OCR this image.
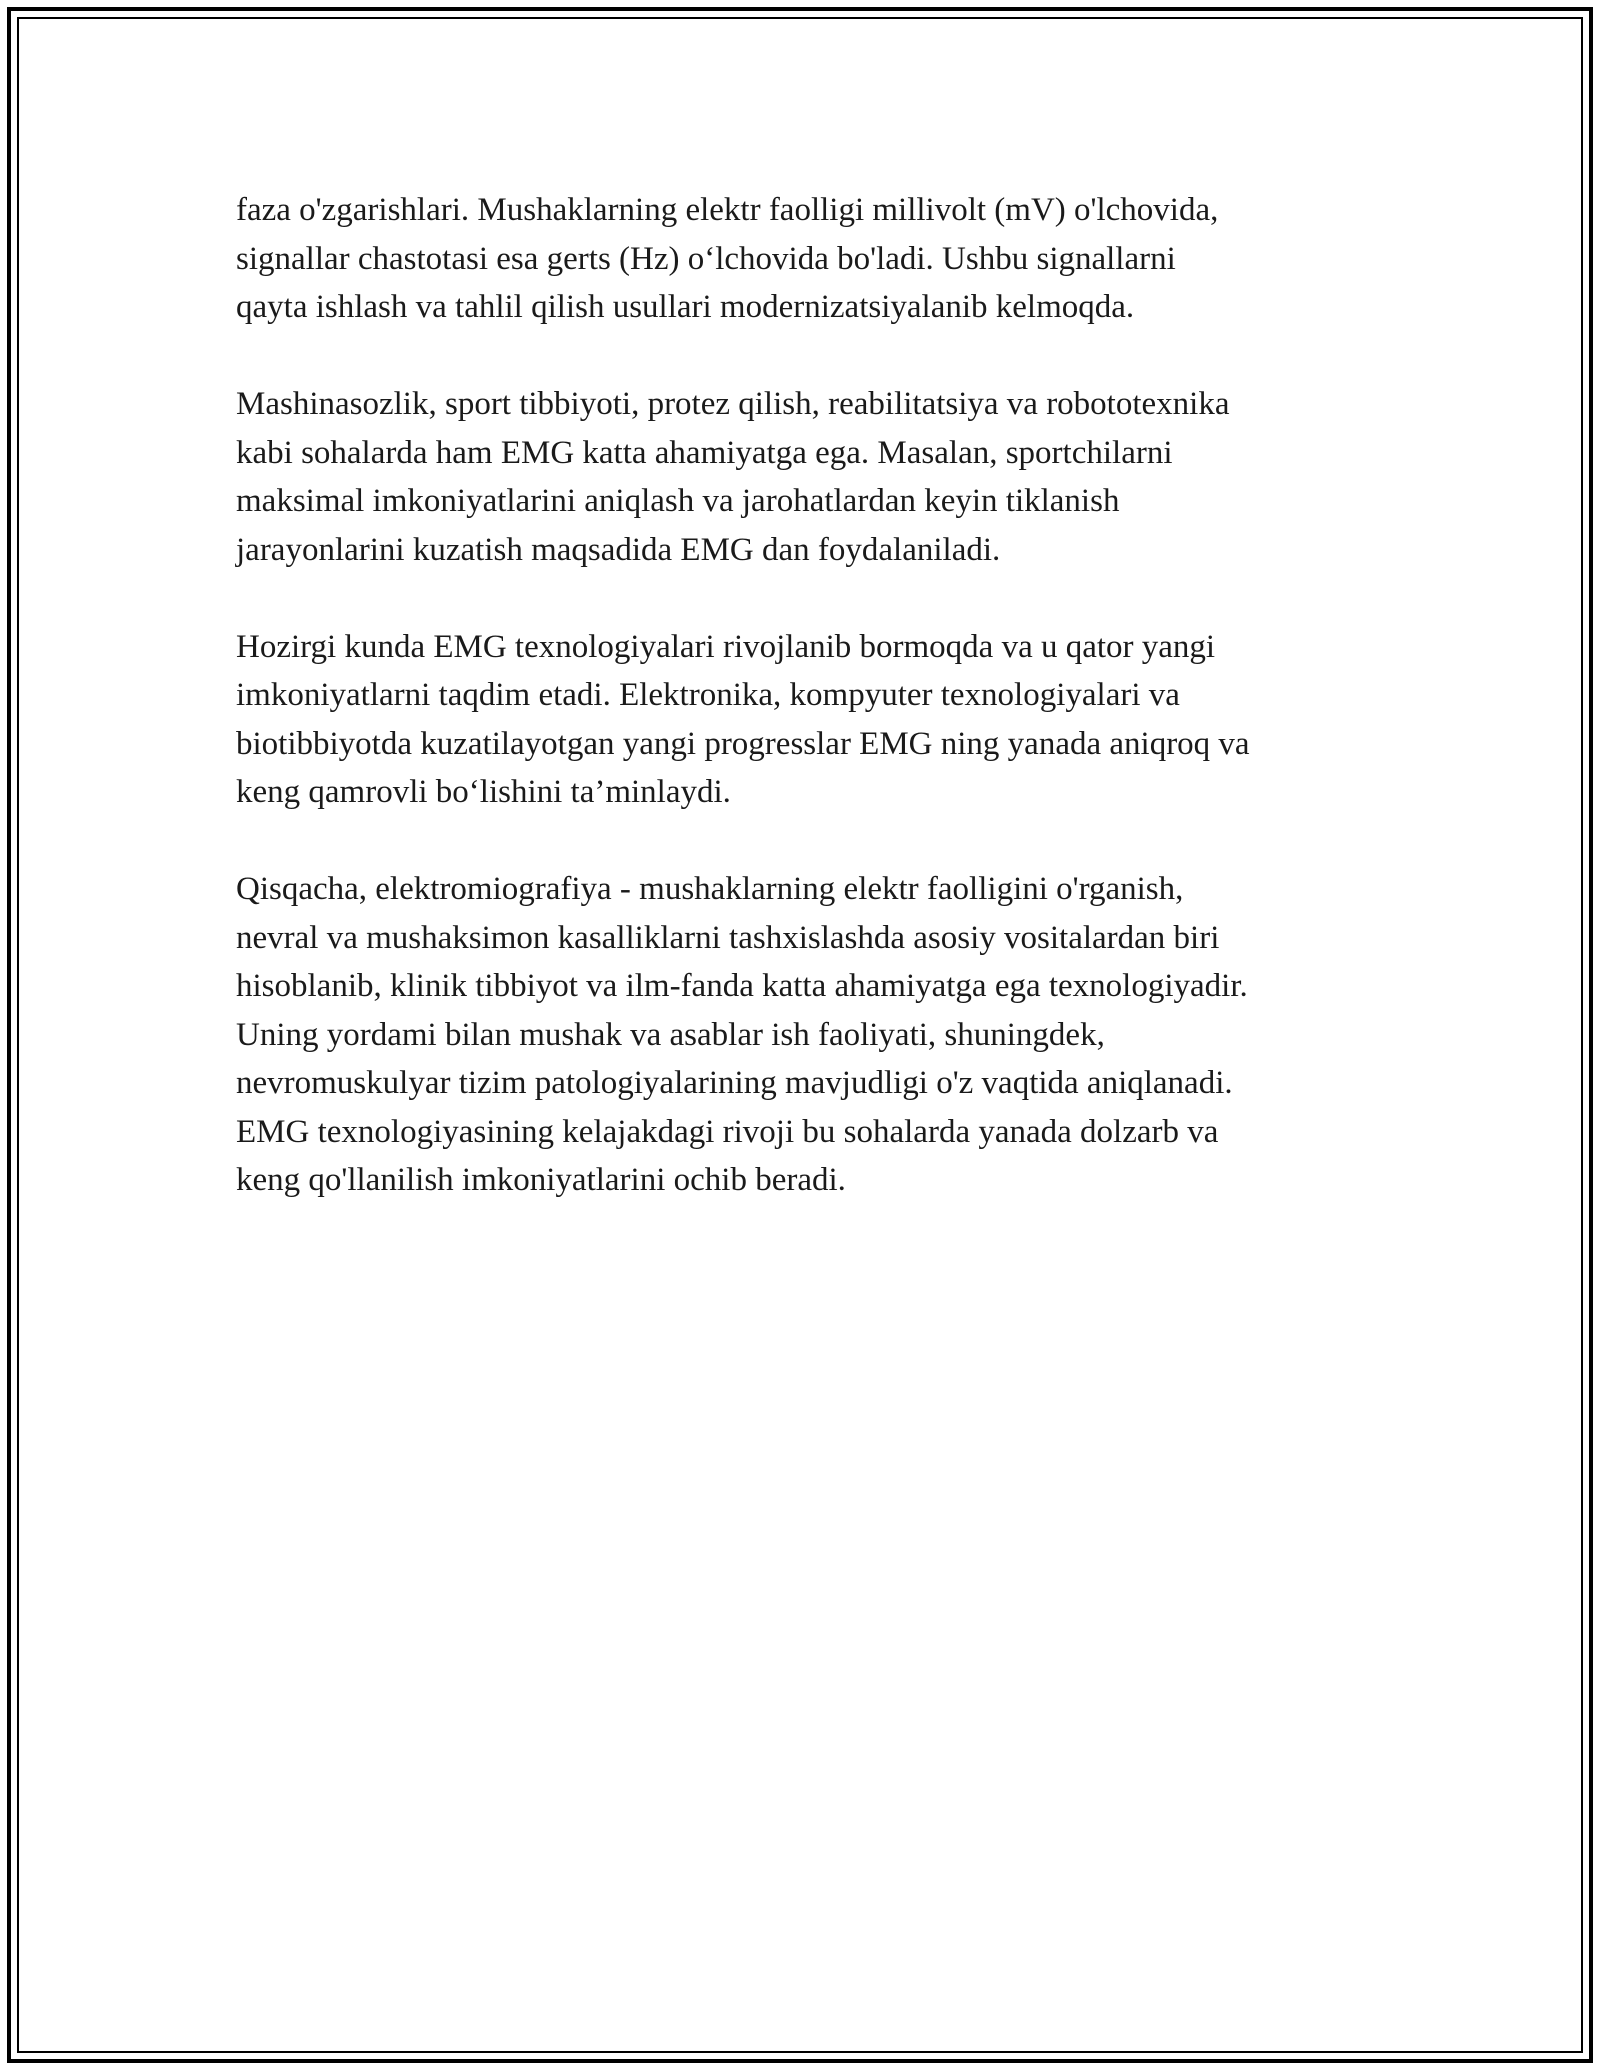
faza o'zgarishlari. Mushaklarning elektr faolligi millivolt (mV) o'lchovida,
signallar chastotasi esa gerts (Hz) o‘lchovida bo'ladi. Ushbu signallarni
qayta ishlash va tahlil qilish usullari modernizatsiyalanib kelmoqda.

Mashinasozlik, sport tibbiyoti, protez qilish, reabilitatsiya va robototexnika
kabi sohalarda ham EMG katta ahamiyatga ega. Masalan, sportchilarni
maksimal imkoniyatlarini aniqlash va jarohatlardan keyin tiklanish
jarayonlarini kuzatish maqsadida EMG dan foydalaniladi.

Hozirgi kunda EMG texnologiyalari rivojlanib bormoqda va u qator yangi
imkoniyatlarni taqdim etadi. Elektronika, kompyuter texnologiyalari va
biotibbiyotda kuzatilayotgan yangi progresslar EMG ning yanada aniqroq va
keng qamrovli bo‘lishini ta’minlaydi.

Qisqacha, elektromiografiya - mushaklarning elektr faolligini o'rganish,
nevral va mushaksimon kasalliklarni tashxislashda asosiy vositalardan biri
hisoblanib, klinik tibbiyot va ilm-fanda katta ahamiyatga ega texnologiyadir.
Uning yordami bilan mushak va asablar ish faoliyati, shuningdek,
nevromuskulyar tizim patologiyalarining mavjudligi o'z vaqtida aniqlanadi.
EMG texnologiyasining kelajakdagi rivoji bu sohalarda yanada dolzarb va
keng qo'llanilish imkoniyatlarini ochib beradi.
